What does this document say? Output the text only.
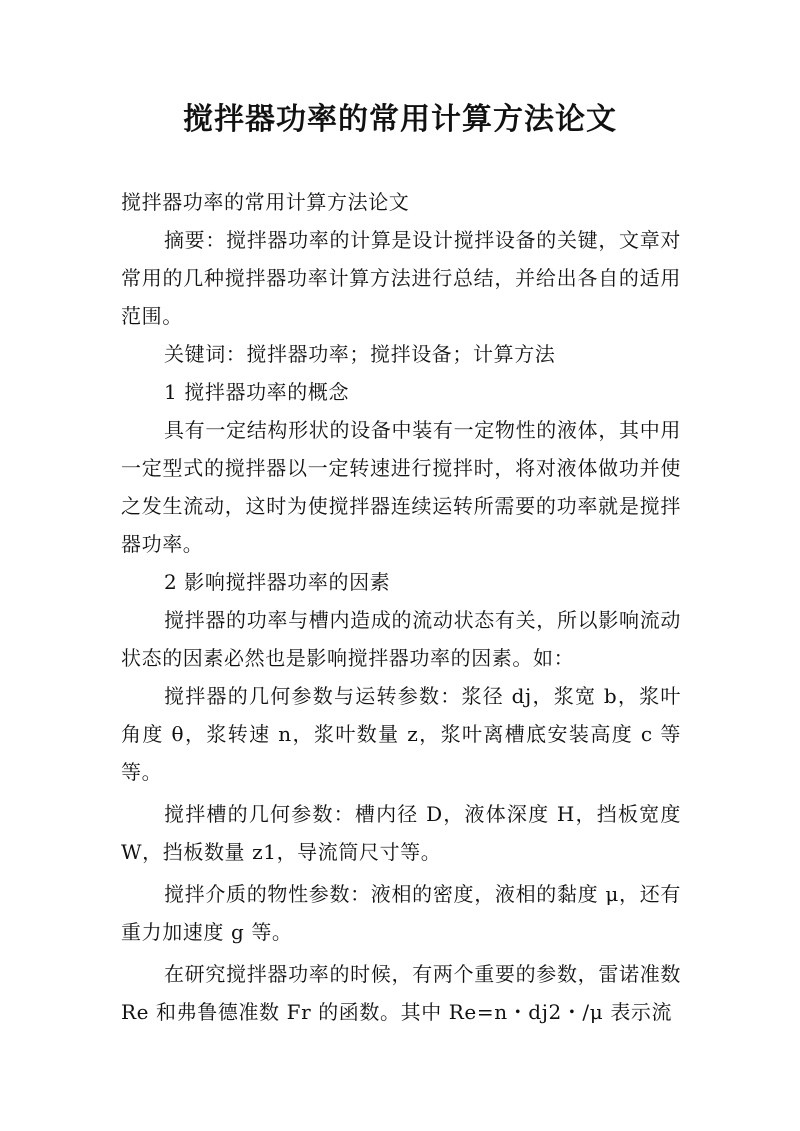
搅拌器功率的常用计算方法论文

搅拌器功率的常用计算方法论文

摘要：搅拌器功率的计算是设计搅拌设备的关键，文章对常用的几种搅拌器功率计算方法进行总结，并给出各自的适用范围。

关键词：搅拌器功率；搅拌设备；计算方法

1 搅拌器功率的概念

具有一定结构形状的设备中装有一定物性的液体，其中用一定型式的搅拌器以一定转速进行搅拌时，将对液体做功并使之发生流动，这时为使搅拌器连续运转所需要的功率就是搅拌器功率。

2 影响搅拌器功率的因素

搅拌器的功率与槽内造成的流动状态有关，所以影响流动状态的因素必然也是影响搅拌器功率的因素。如：

搅拌器的几何参数与运转参数：浆径 dj，浆宽 b，浆叶角度 θ，浆转速 n，浆叶数量 z，浆叶离槽底安装高度 c 等等。

搅拌槽的几何参数：槽内径 D，液体深度 H，挡板宽度 W，挡板数量 z1，导流筒尺寸等。

搅拌介质的物性参数：液相的密度，液相的黏度 μ，还有重力加速度 g 等。

在研究搅拌器功率的时候，有两个重要的参数，雷诺准数 Re 和弗鲁德准数 Fr 的函数。其中 Re=n・dj2・/μ 表示流
